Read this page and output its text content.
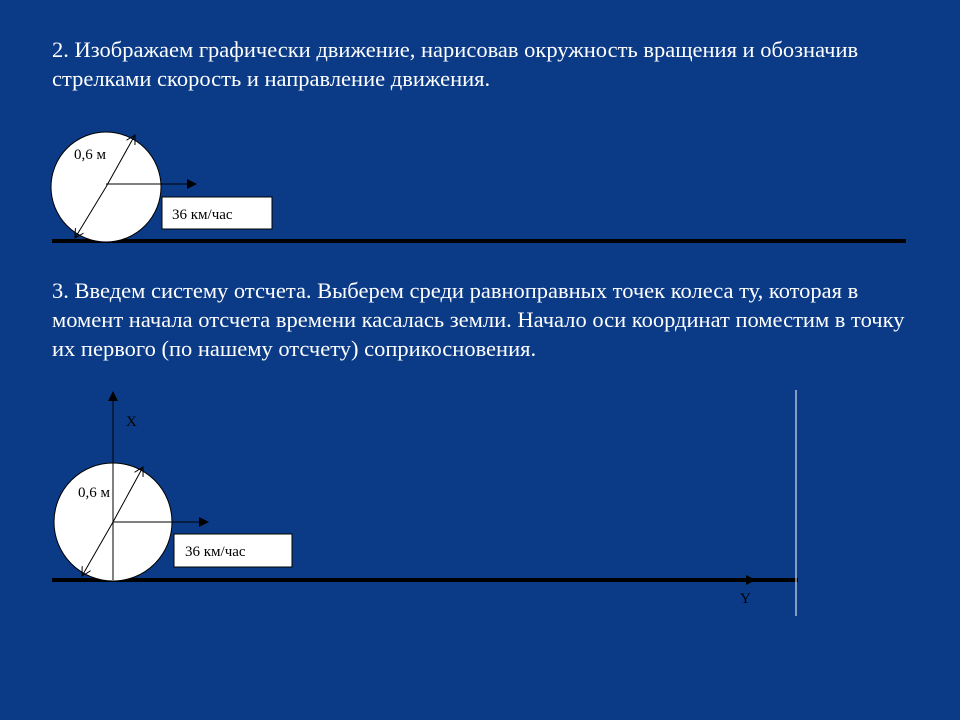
2. Изображаем графически движение, нарисовав окружность вращения и обозначив стрелками скорость и направление движения.

3. Введем систему отсчета. Выберем среди равноправных точек колеса ту, которая в момент начала отсчета времени касалась земли. Начало оси координат поместим в точку их первого (по нашему отсчету) соприкосновения.

0,6 м
36 км/час
0,6 м
36 км/час
X
Y
